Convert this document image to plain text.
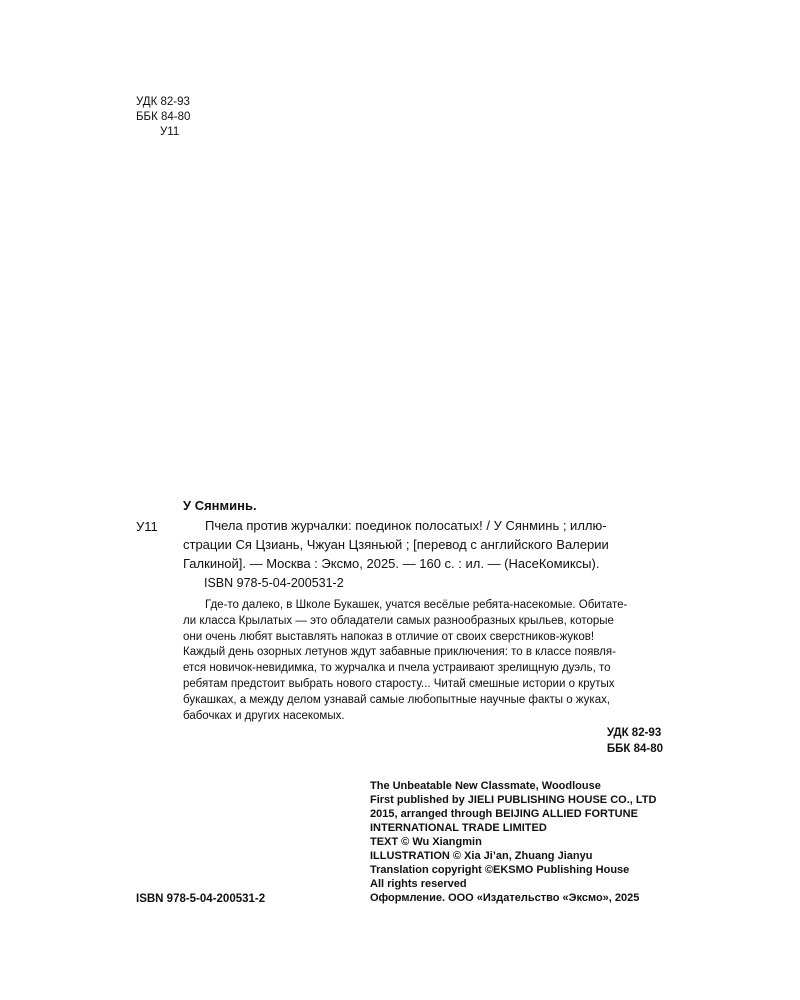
УДК 82-93
ББК 84-80
У11
У Сянминь.
У11	Пчела против журчалки: поединок полосатых! / У Сянминь ; иллю-
страции Ся Цзиань, Чжуан Цзяньюй ; [перевод с английского Валерии
Галкиной]. — Москва : Эксмо, 2025. — 160 с. : ил. — (НасеКомиксы).
ISBN 978-5-04-200531-2
Где-то далеко, в Школе Букашек, учатся весёлые ребята-насекомые. Обитате-
ли класса Крылатых — это обладатели самых разнообразных крыльев, которые
они очень любят выставлять напоказ в отличие от своих сверстников-жуков!
Каждый день озорных летунов ждут забавные приключения: то в классе появля-
ется новичок-невидимка, то журчалка и пчела устраивают зрелищную дуэль, то
ребятам предстоит выбрать нового старосту... Читай смешные истории о крутых
букашках, а между делом узнавай самые любопытные научные факты о жуках,
бабочках и других насекомых.
УДК 82-93
ББК 84-80
The Unbeatable New Classmate, Woodlouse
First published by JIELI PUBLISHING HOUSE CO., LTD
2015, arranged through BEIJING ALLIED FORTUNE
INTERNATIONAL TRADE LIMITED
TEXT © Wu Xiangmin
ILLUSTRATION © Xia Ji’an, Zhuang Jianyu
Translation copyright ©EKSMO Publishing House
All rights reserved
Оформление. ООО «Издательство «Эксмо», 2025
ISBN 978-5-04-200531-2
